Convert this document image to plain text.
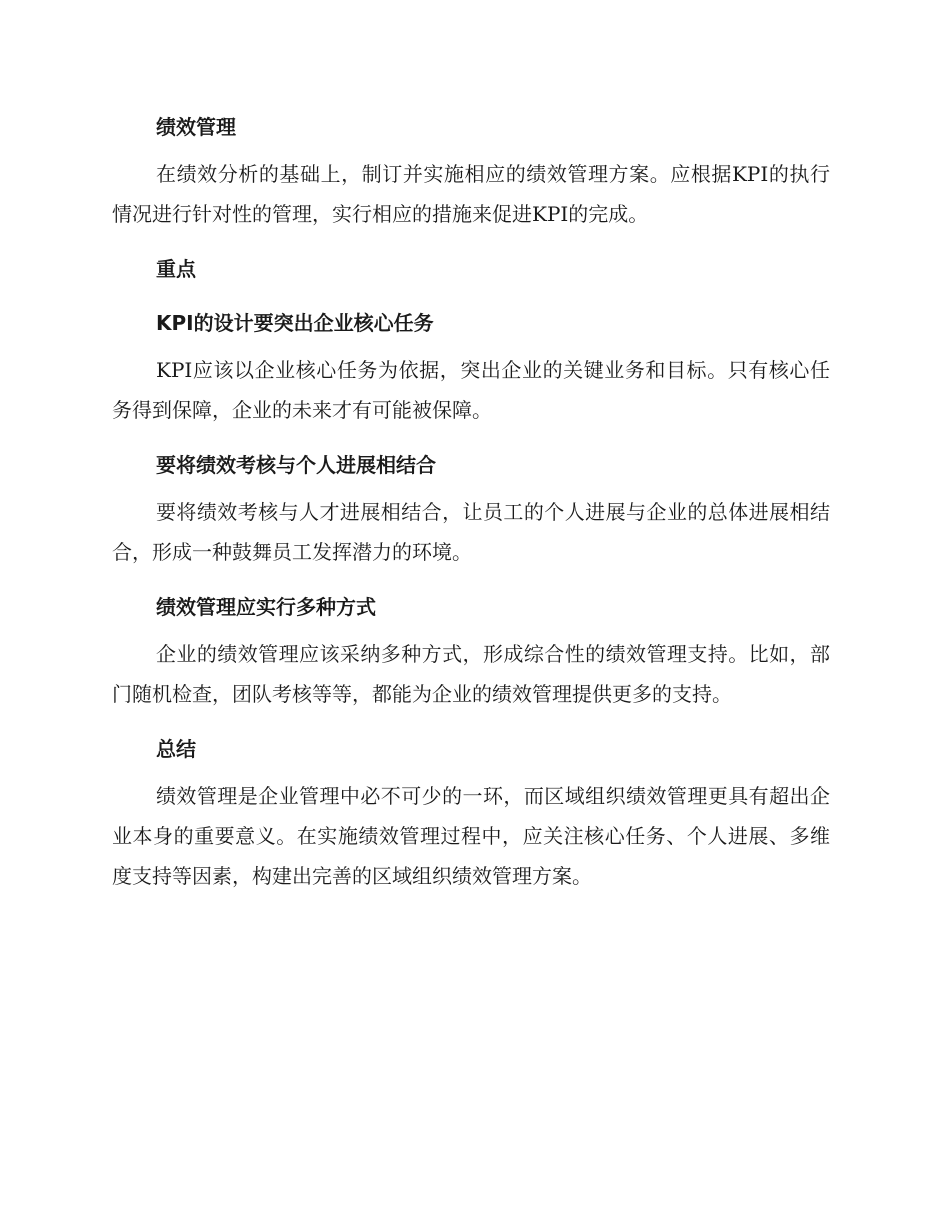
绩效管理

在绩效分析的基础上，制订并实施相应的绩效管理方案。应根据KPI的执行情况进行针对性的管理，实行相应的措施来促进KPI的完成。

重点
KPI的设计要突出企业核心任务

KPI应该以企业核心任务为依据，突出企业的关键业务和目标。只有核心任务得到保障，企业的未来才有可能被保障。

要将绩效考核与个人进展相结合

要将绩效考核与人才进展相结合，让员工的个人进展与企业的总体进展相结合，形成一种鼓舞员工发挥潜力的环境。

绩效管理应实行多种方式

企业的绩效管理应该采纳多种方式，形成综合性的绩效管理支持。比如，部门随机检查，团队考核等等，都能为企业的绩效管理提供更多的支持。

总结

绩效管理是企业管理中必不可少的一环，而区域组织绩效管理更具有超出企业本身的重要意义。在实施绩效管理过程中，应关注核心任务、个人进展、多维度支持等因素，构建出完善的区域组织绩效管理方案。
